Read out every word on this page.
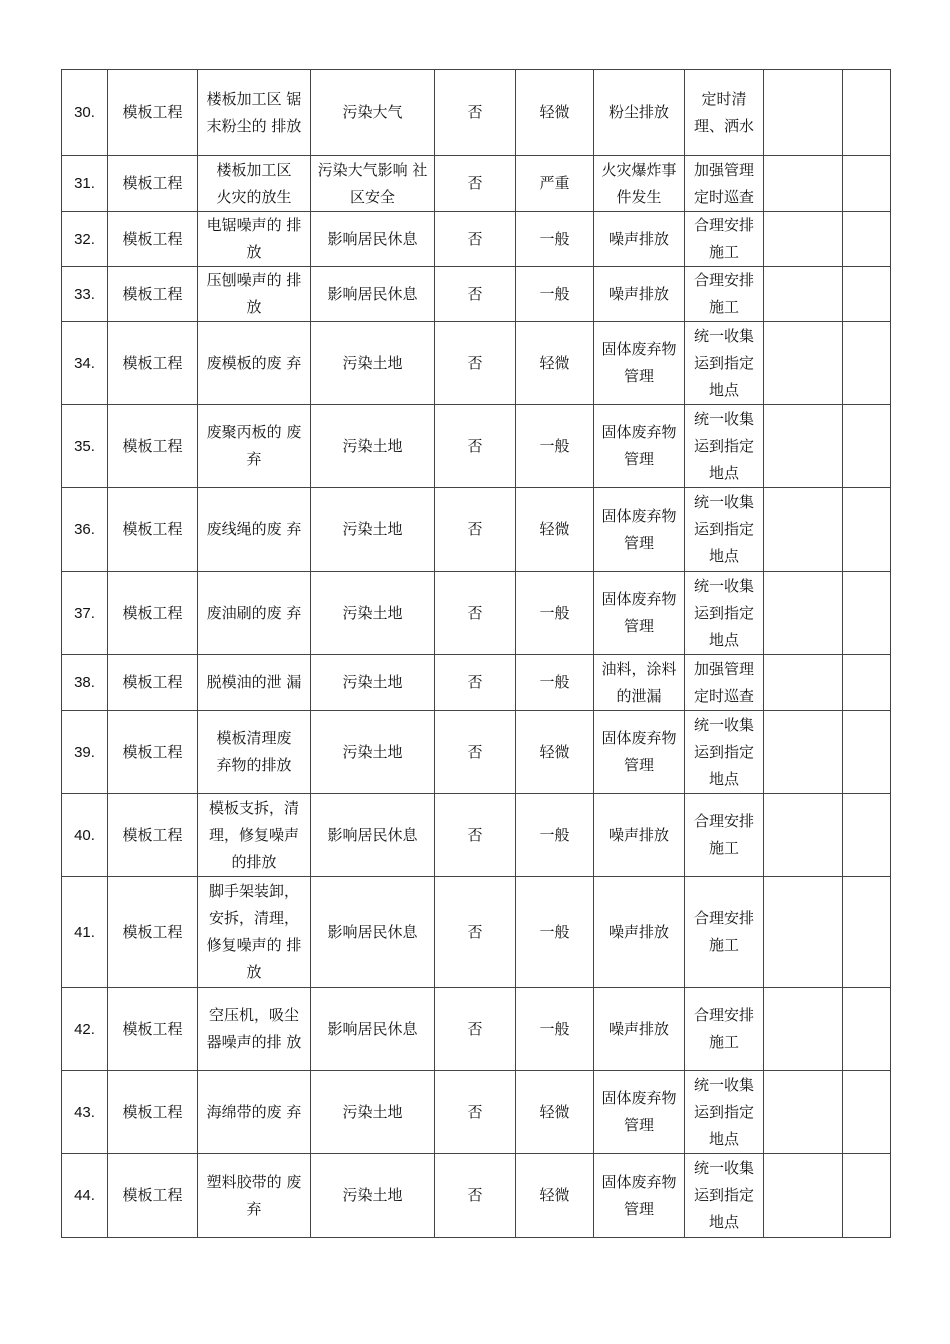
30.	模板工程	楼板加工区 锯
末粉尘的 排放	污染大气	否	轻微	粉尘排放	定时清
理、洒水		
31.	模板工程	楼板加工区
火灾的放生	污染大气影响 社
区安全	否	严重	火灾爆炸事
件发生	加强管理
定时巡查		
32.	模板工程	电锯噪声的 排
放	影响居民休息	否	一般	噪声排放	合理安排
施工		
33.	模板工程	压刨噪声的 排
放	影响居民休息	否	一般	噪声排放	合理安排
施工		
34.	模板工程	废模板的废 弃	污染土地	否	轻微	固体废弃物
管理	统一收集
运到指定
地点		
35.	模板工程	废聚丙板的 废
弃	污染土地	否	一般	固体废弃物
管理	统一收集
运到指定
地点		
36.	模板工程	废线绳的废 弃	污染土地	否	轻微	固体废弃物
管理	统一收集
运到指定
地点		
37.	模板工程	废油刷的废 弃	污染土地	否	一般	固体废弃物
管理	统一收集
运到指定
地点		
38.	模板工程	脱模油的泄 漏	污染土地	否	一般	油料，涂料
的泄漏	加强管理
定时巡查		
39.	模板工程	模板清理废
弃物的排放	污染土地	否	轻微	固体废弃物
管理	统一收集
运到指定
地点		
40.	模板工程	模板支拆，清
理，修复噪声
的排放	影响居民休息	否	一般	噪声排放	合理安排
施工		
41.	模板工程	脚手架装卸，
安拆，清理，
修复噪声的 排
放	影响居民休息	否	一般	噪声排放	合理安排
施工		
42.	模板工程	空压机，吸尘
器噪声的排 放	影响居民休息	否	一般	噪声排放	合理安排
施工		
43.	模板工程	海绵带的废 弃	污染土地	否	轻微	固体废弃物
管理	统一收集
运到指定
地点		
44.	模板工程	塑料胶带的 废
弃	污染土地	否	轻微	固体废弃物
管理	统一收集
运到指定
地点		
